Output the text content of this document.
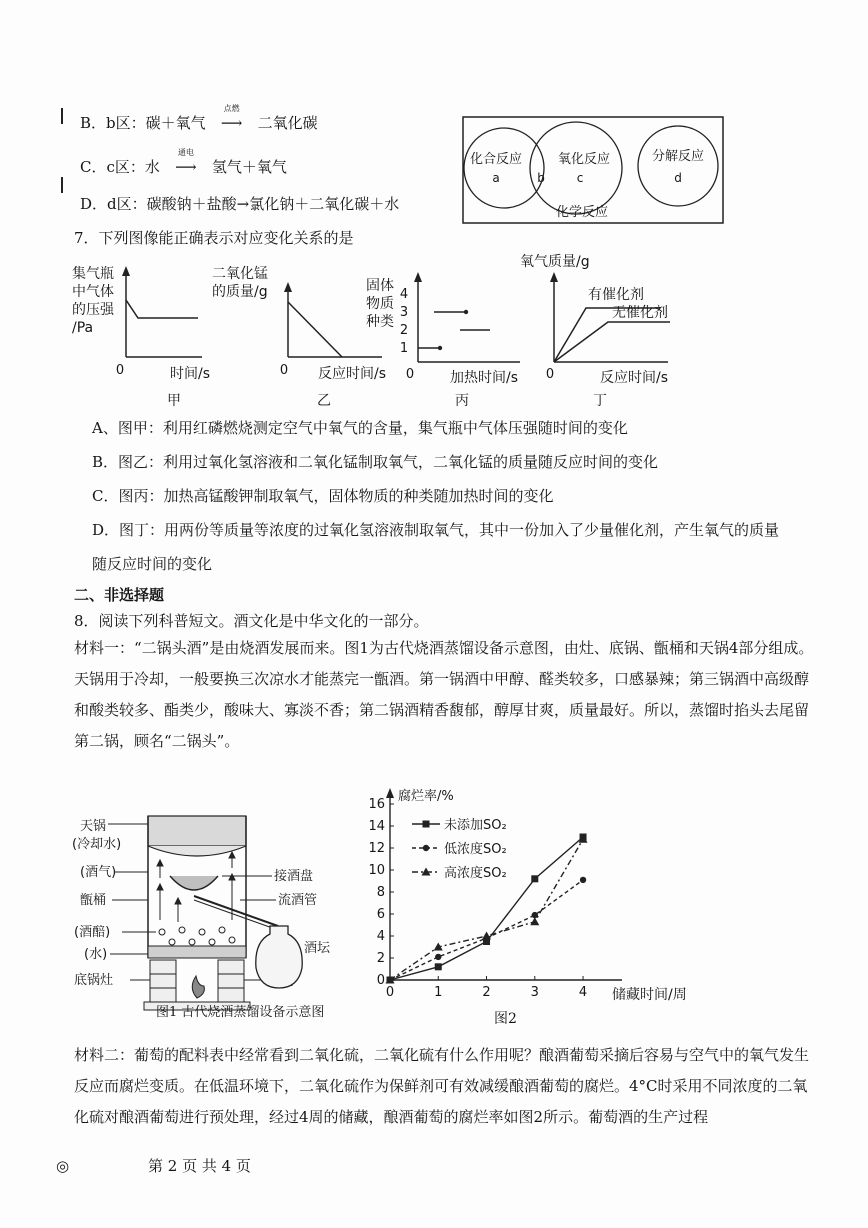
B．b区：碳＋氧气
点燃
⟶ 二氧化碳
C．c区：水
通电
⟶ 氢气＋氧气
D．d区：碳酸钠＋盐酸→氯化钠＋二氧化碳＋水
化合反应
a	b
氧化反应
c
分解反应
d
化学反应
7．下列图像能正确表示对应变化关系的是
集气瓶
中气体
的压强
/Pa
0	时间/s
甲
二氧化锰
的质量/g
0 反应时间/s
乙
固体
物质
种类
4
3
2
1
0	加热时间/s
丙
氧气质量/g
有催化剂
无催化剂
0	反应时间/s
丁
A、图甲：利用红磷燃烧测定空气中氧气的含量，集气瓶中气体压强随时间的变化
B．图乙：利用过氧化氢溶液和二氧化锰制取氧气，二氧化锰的质量随反应时间的变化
C．图丙：加热高锰酸钾制取氧气，固体物质的种类随加热时间的变化
D．图丁：用两份等质量等浓度的过氧化氢溶液制取氧气，其中一份加入了少量催化剂，产生氧气的质量
随反应时间的变化
二、非选择题
8．阅读下列科普短文。酒文化是中华文化的一部分。
材料一：“二锅头酒”是由烧酒发展而来。图1为古代烧酒蒸馏设备示意图，由灶、底锅、甑桶和天锅4部分组成。天锅用于冷却，一般要换三次凉水才能蒸完一甑酒。第一锅酒中甲醇、醛类较多，口感暴辣；第三锅酒中高级醇和酸类较多、酯类少，酸味大、寡淡不香；第二锅酒精香馥郁，醇厚甘爽，质量最好。所以，蒸馏时掐头去尾留第二锅，顾名“二锅头”。
天锅
(冷却水)
(酒气)
甑桶
(酒醅)
(水)
底锅灶
接酒盘
流酒管
酒坛
图1 古代烧酒蒸馏设备示意图
腐烂率/%
储藏时间/周
图2
0
2
4
6
8
10
12
14
16
0	1	2	3	4
未添加SO₂
低浓度SO₂
高浓度SO₂
材料二：葡萄的配料表中经常看到二氧化硫，二氧化硫有什么作用呢？酿酒葡萄采摘后容易与空气中的氧气发生反应而腐烂变质。在低温环境下，二氧化硫作为保鲜剂可有效减缓酿酒葡萄的腐烂。4°C时采用不同浓度的二氧化硫对酿酒葡萄进行预处理，经过4周的储藏，酿酒葡萄的腐烂率如图2所示。葡萄酒的生产过程
◎	第 2 页 共 4 页
